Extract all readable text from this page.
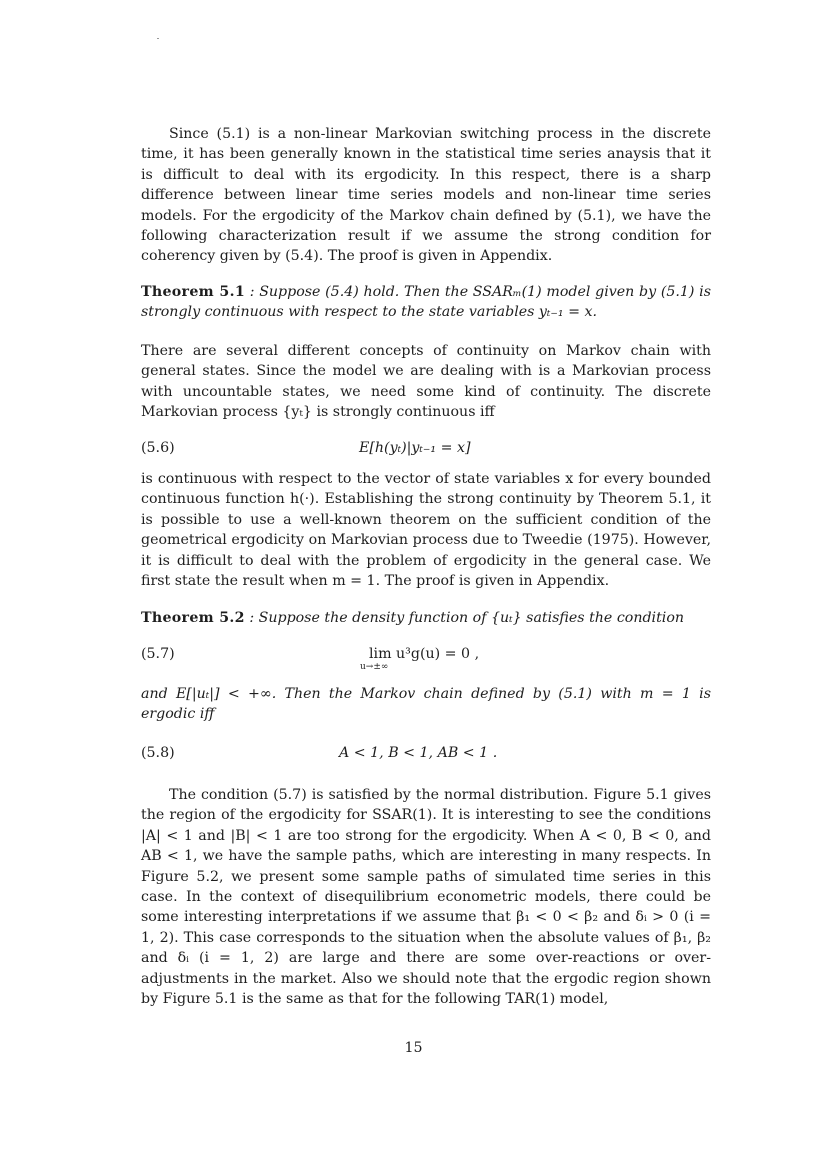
Since (5.1) is a non-linear Markovian switching process in the discrete time, it has been generally known in the statistical time series anaysis that it is difficult to deal with its ergodicity. In this respect, there is a sharp difference between linear time series models and non-linear time series models. For the ergodicity of the Markov chain defined by (5.1), we have the following characterization result if we assume the strong condition for coherency given by (5.4). The proof is given in Appendix.

Theorem 5.1 : Suppose (5.4) hold. Then the SSARₘ(1) model given by (5.1) is strongly continuous with respect to the state variables yₜ₋₁ = x.

There are several different concepts of continuity on Markov chain with general states. Since the model we are dealing with is a Markovian process with uncountable states, we need some kind of continuity. The discrete Markovian process {yₜ} is strongly continuous iff

(5.6)	E[h(yₜ)|yₜ₋₁ = x]

is continuous with respect to the vector of state variables x for every bounded continuous function h(·). Establishing the strong continuity by Theorem 5.1, it is possible to use a well-known theorem on the sufficient condition of the geometrical ergodicity on Markovian process due to Tweedie (1975). However, it is difficult to deal with the problem of ergodicity in the general case. We first state the result when m = 1. The proof is given in Appendix.

Theorem 5.2 : Suppose the density function of {uₜ} satisfies the condition

(5.7)	lim u³g(u) = 0 ,
u→±∞

and E[|uₜ|] < +∞. Then the Markov chain defined by (5.1) with m = 1 is ergodic iff

(5.8)	A < 1, B < 1, AB < 1 .

The condition (5.7) is satisfied by the normal distribution. Figure 5.1 gives the region of the ergodicity for SSAR(1). It is interesting to see the conditions |A| < 1 and |B| < 1 are too strong for the ergodicity. When A < 0, B < 0, and AB < 1, we have the sample paths, which are interesting in many respects. In Figure 5.2, we present some sample paths of simulated time series in this case. In the context of disequilibrium econometric models, there could be some interesting interpretations if we assume that β₁ < 0 < β₂ and δᵢ > 0 (i = 1, 2). This case corresponds to the situation when the absolute values of β₁, β₂ and δᵢ (i = 1, 2) are large and there are some over-reactions or over-adjustments in the market. Also we should note that the ergodic region shown by Figure 5.1 is the same as that for the following TAR(1) model,

15
